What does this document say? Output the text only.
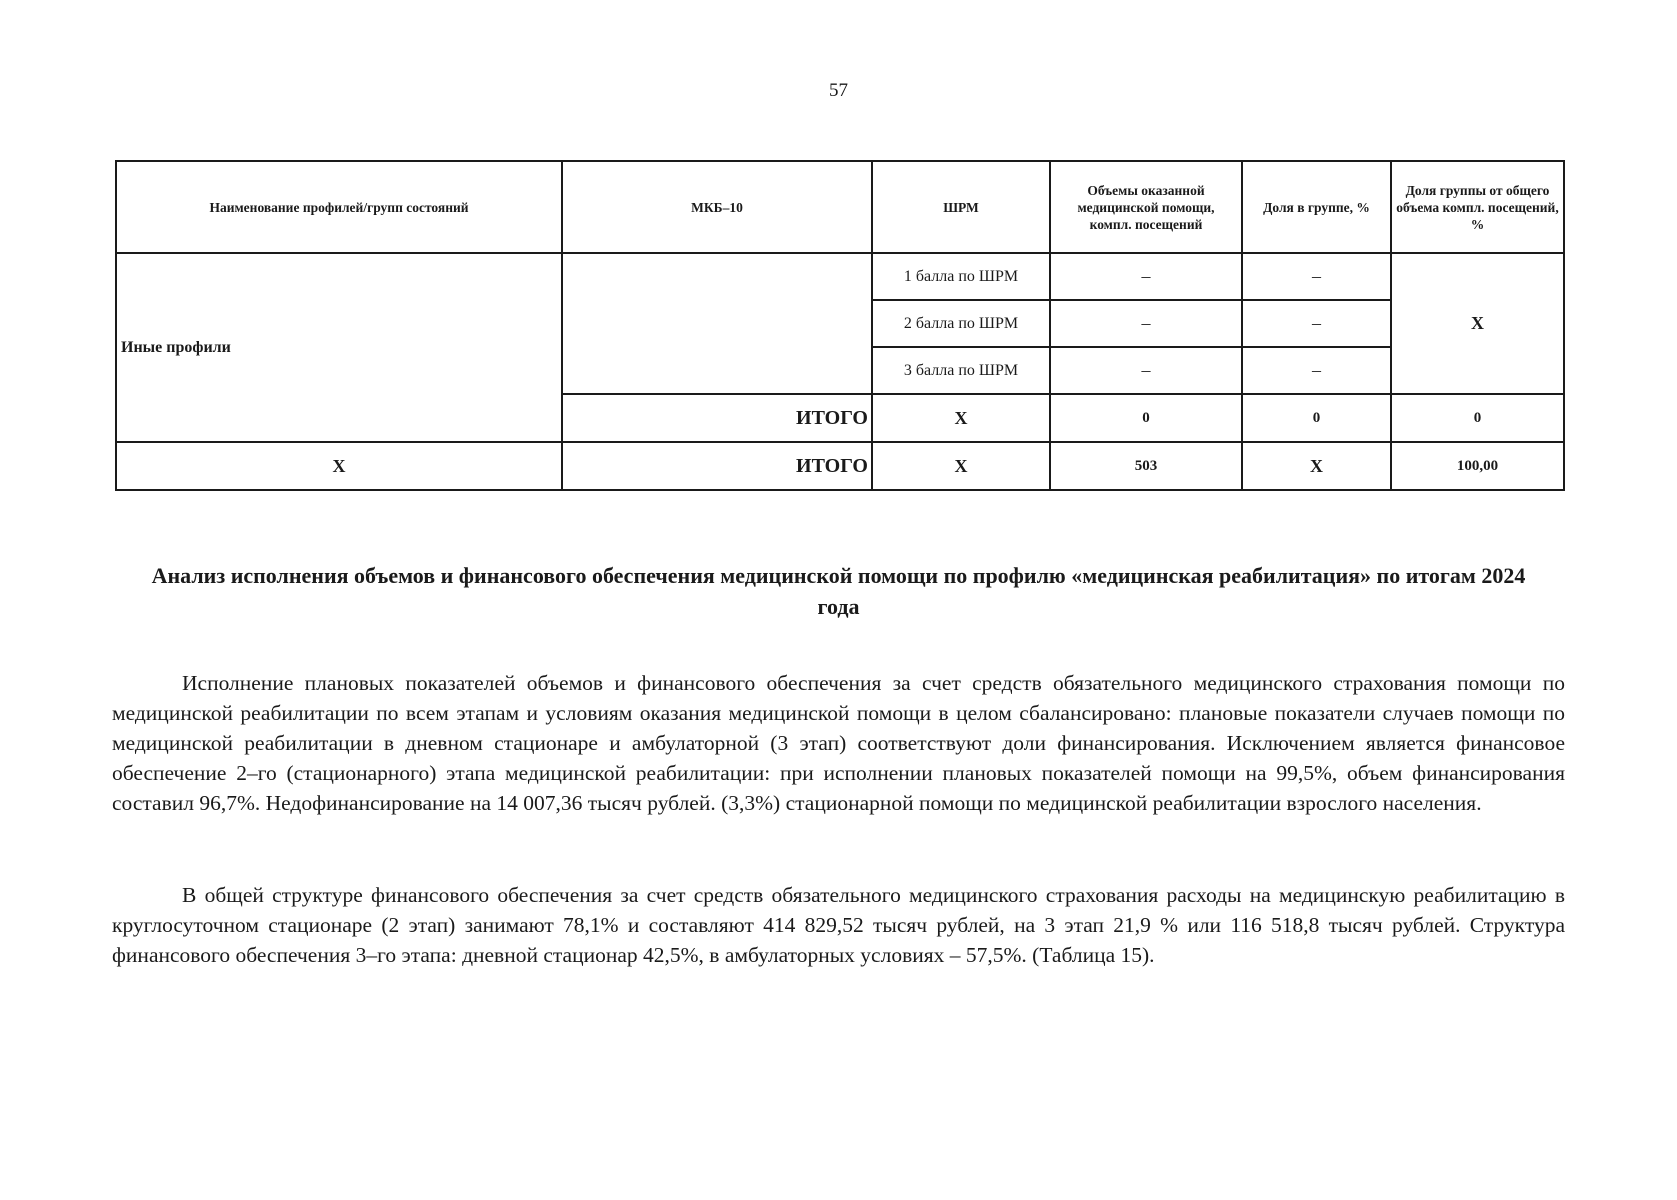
57
Наименование профилей/групп состояний	МКБ–10	ШРМ	Объемы оказанной медицинской помощи, компл. посещений	Доля в группе, %	Доля группы от общего объема компл. посещений, %
Иные профили		1 балла по ШРМ	–	–	Х
		2 балла по ШРМ	–	–	
		3 балла по ШРМ	–	–	
	ИТОГО	Х	0	0	0
Х	ИТОГО	Х	503	Х	100,00
Анализ исполнения объемов и финансового обеспечения медицинской помощи по профилю «медицинская реабилитация» по итогам 2024 года

Исполнение плановых показателей объемов и финансового обеспечения за счет средств обязательного медицинского страхования помощи по медицинской реабилитации по всем этапам и условиям оказания медицинской помощи в целом сбалансировано: плановые показатели случаев помощи по медицинской реабилитации в дневном стационаре и амбулаторной (3 этап) соответствуют доли финансирования. Исключением является финансовое обеспечение 2–го (стационарного) этапа медицинской реабилитации: при исполнении плановых показателей помощи на 99,5%, объем финансирования составил 96,7%. Недофинансирование на 14 007,36 тысяч рублей. (3,3%) стационарной помощи по медицинской реабилитации взрослого населения.

В общей структуре финансового обеспечения за счет средств обязательного медицинского страхования расходы на медицинскую реабилитацию в круглосуточном стационаре (2 этап) занимают 78,1% и составляют 414 829,52 тысяч рублей, на 3 этап 21,9 % или 116 518,8 тысяч рублей. Структура финансового обеспечения 3–го этапа: дневной стационар 42,5%, в амбулаторных условиях – 57,5%. (Таблица 15).
